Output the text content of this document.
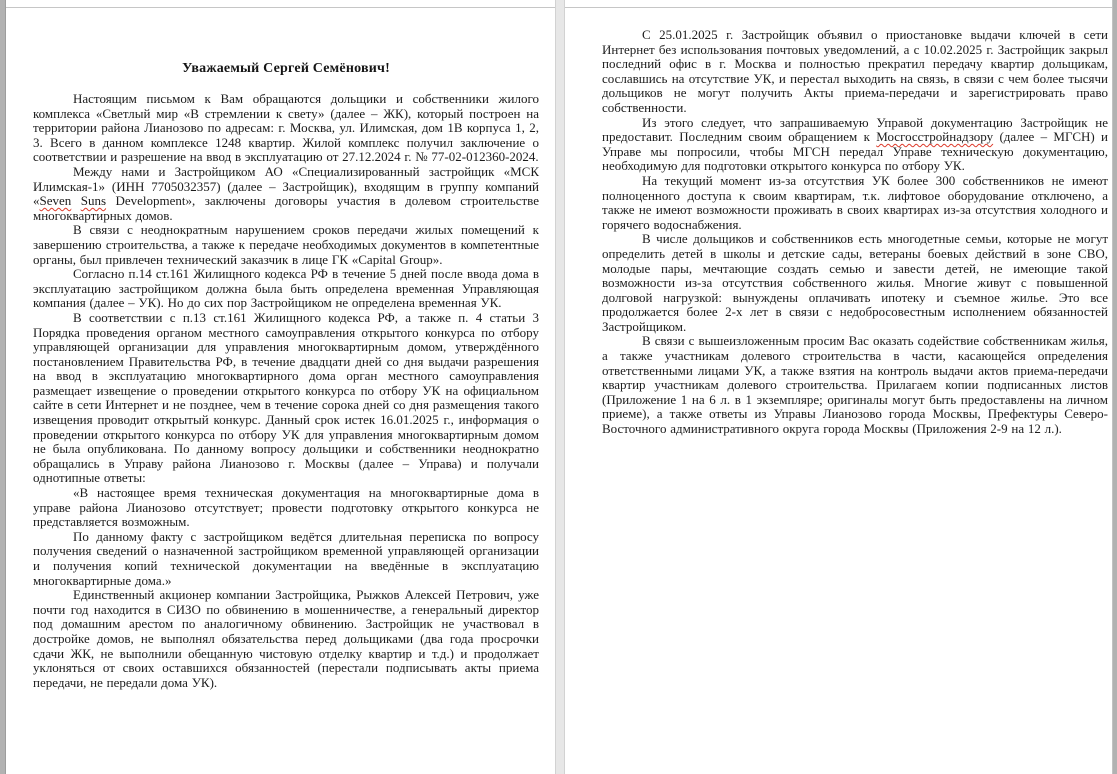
Уважаемый Сергей Семёнович!

Настоящим письмом к Вам обращаются дольщики и собственники жилого комплекса «Светлый мир «В стремлении к свету» (далее – ЖК), который построен на территории района Лианозово по адресам: г. Москва, ул. Илимская, дом 1В корпуса 1, 2, 3. Всего в данном комплексе 1248 квартир. Жилой комплекс получил заключение о соответствии и разрешение на ввод в эксплуатацию от 27.12.2024 г. № 77-02-012360-2024.

Между нами и Застройщиком АО «Специализированный застройщик «МСК Илимская-1» (ИНН 7705032357) (далее – Застройщик), входящим в группу компаний «Seven Suns Development», заключены договоры участия в долевом строительстве многоквартирных домов.

В связи с неоднократным нарушением сроков передачи жилых помещений к завершению строительства, а также к передаче необходимых документов в компетентные органы, был привлечен технический заказчик в лице ГК «Capital Group».

Согласно п.14 ст.161 Жилищного кодекса РФ в течение 5 дней после ввода дома в эксплуатацию застройщиком должна была быть определена временная Управляющая компания (далее – УК). Но до сих пор Застройщиком не определена временная УК.

В соответствии с п.13 ст.161 Жилищного кодекса РФ, а также п. 4 статьи 3 Порядка проведения органом местного самоуправления открытого конкурса по отбору управляющей организации для управления многоквартирным домом, утверждённого постановлением Правительства РФ, в течение двадцати дней со дня выдачи разрешения на ввод в эксплуатацию многоквартирного дома орган местного самоуправления размещает извещение о проведении открытого конкурса по отбору УК на официальном сайте в сети Интернет и не позднее, чем в течение сорока дней со дня размещения такого извещения проводит открытый конкурс. Данный срок истек 16.01.2025 г., информация о проведении открытого конкурса по отбору УК для управления многоквартирным домом не была опубликована. По данному вопросу дольщики и собственники неоднократно обращались в Управу района Лианозово г. Москвы (далее – Управа) и получали однотипные ответы:

«В настоящее время техническая документация на многоквартирные дома в управе района Лианозово отсутствует; провести подготовку открытого конкурса не представляется возможным.

По данному факту с застройщиком ведётся длительная переписка по вопросу получения сведений о назначенной застройщиком временной управляющей организации и получения копий технической документации на введённые в эксплуатацию многоквартирные дома.»

Единственный акционер компании Застройщика, Рыжков Алексей Петрович, уже почти год находится в СИЗО по обвинению в мошенничестве, а генеральный директор под домашним арестом по аналогичному обвинению. Застройщик не участвовал в достройке домов, не выполнял обязательства перед дольщиками (два года просрочки сдачи ЖК, не выполнили обещанную чистовую отделку квартир и т.д.) и продолжает уклоняться от своих оставшихся обязанностей (перестали подписывать акты приема передачи, не передали дома УК).

С 25.01.2025 г. Застройщик объявил о приостановке выдачи ключей в сети Интернет без использования почтовых уведомлений, а с 10.02.2025 г. Застройщик закрыл последний офис в г. Москва и полностью прекратил передачу квартир дольщикам, сославшись на отсутствие УК, и перестал выходить на связь, в связи с чем более тысячи дольщиков не могут получить Акты приема-передачи и зарегистрировать право собственности.

Из этого следует, что запрашиваемую Управой документацию Застройщик не предоставит. Последним своим обращением к Мосгосстройнадзору (далее – МГСН) и Управе мы попросили, чтобы МГСН передал Управе техническую документацию, необходимую для подготовки открытого конкурса по отбору УК.

На текущий момент из-за отсутствия УК более 300 собственников не имеют полноценного доступа к своим квартирам, т.к. лифтовое оборудование отключено, а также не имеют возможности проживать в своих квартирах из-за отсутствия холодного и горячего водоснабжения.

В числе дольщиков и собственников есть многодетные семьи, которые не могут определить детей в школы и детские сады, ветераны боевых действий в зоне СВО, молодые пары, мечтающие создать семью и завести детей, не имеющие такой возможности из-за отсутствия собственного жилья. Многие живут с повышенной долговой нагрузкой: вынуждены оплачивать ипотеку и съемное жилье. Это все продолжается более 2-х лет в связи с недобросовестным исполнением обязанностей Застройщиком.

В связи с вышеизложенным просим Вас оказать содействие собственникам жилья, а также участникам долевого строительства в части, касающейся определения ответственными лицами УК, а также взятия на контроль выдачи актов приема-передачи квартир участникам долевого строительства. Прилагаем копии подписанных листов (Приложение 1 на 6 л. в 1 экземпляре; оригиналы могут быть предоставлены на личном приеме), а также ответы из Управы Лианозово города Москвы, Префектуры Северо-Восточного административного округа города Москвы (Приложения 2-9 на 12 л.).
